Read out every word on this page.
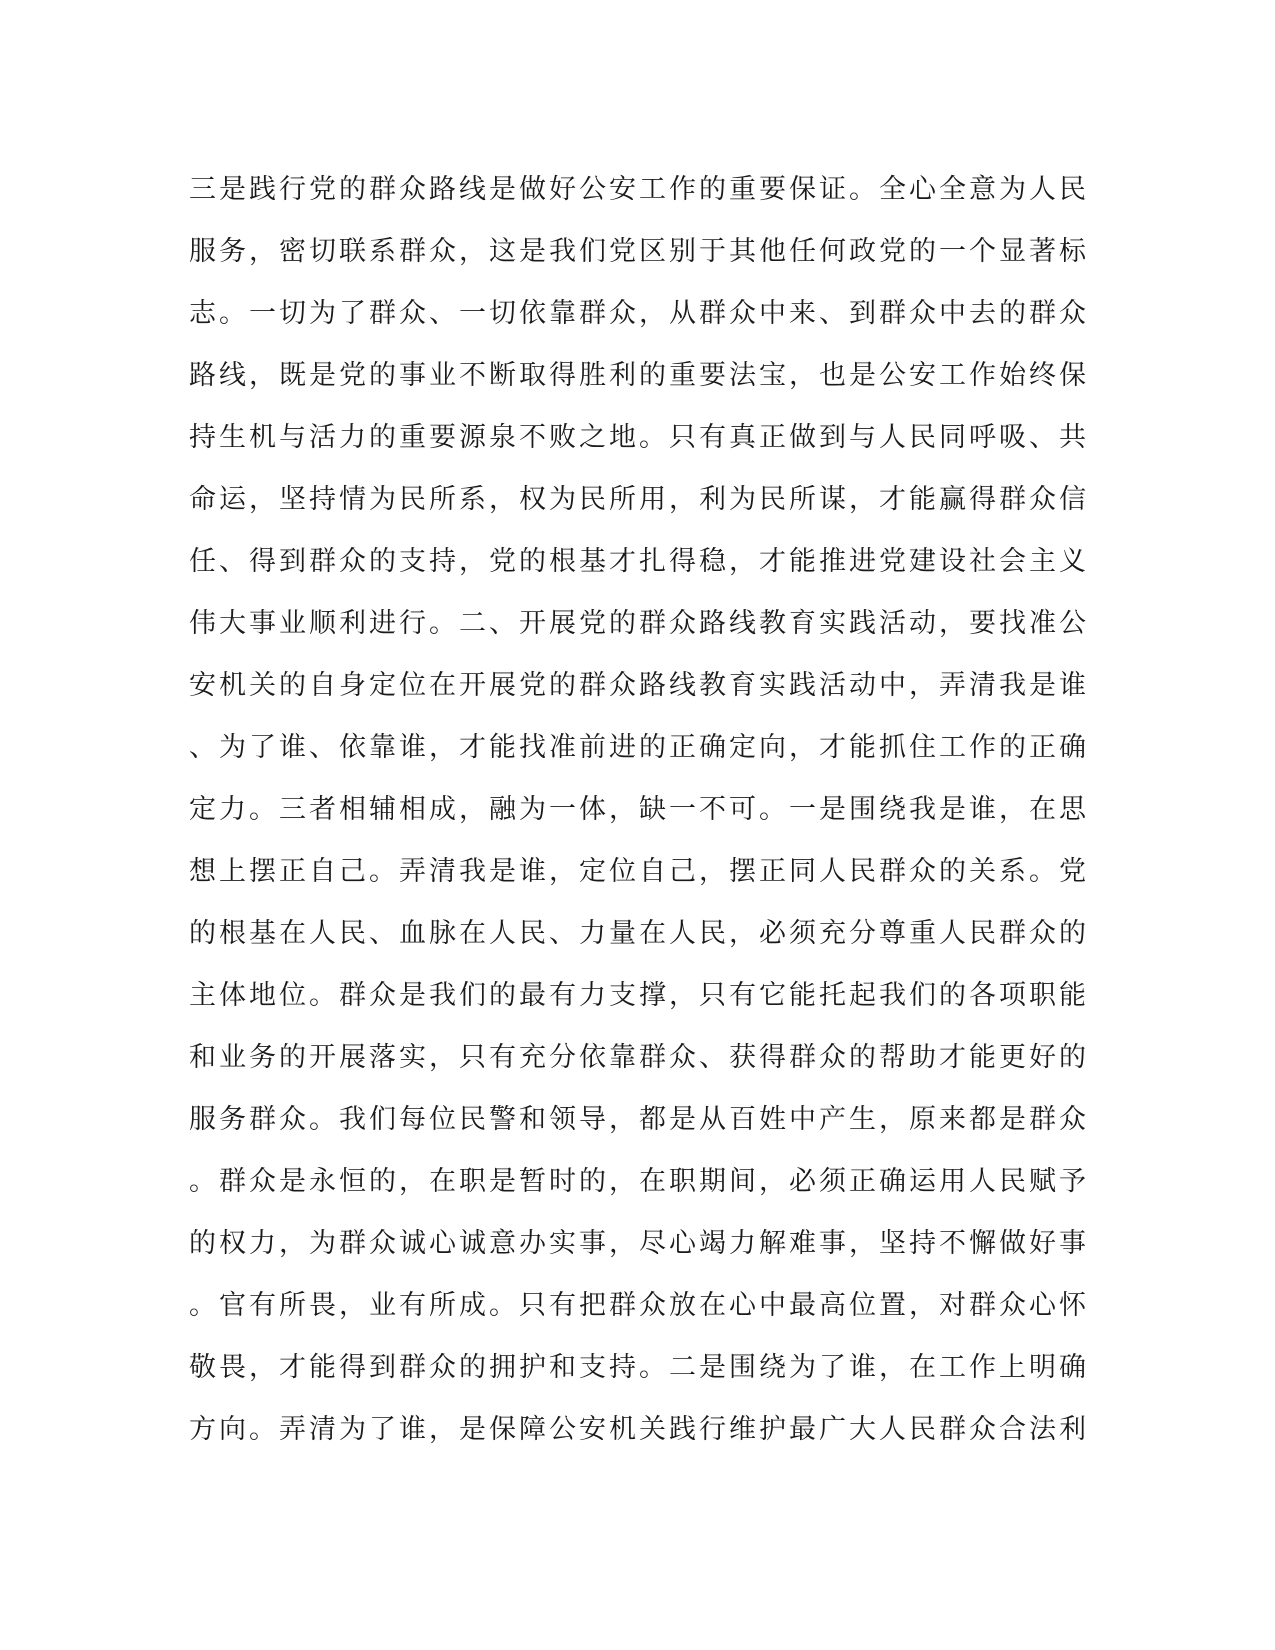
三是践行党的群众路线是做好公安工作的重要保证。全心全意为人民
服务，密切联系群众，这是我们党区别于其他任何政党的一个显著标
志。一切为了群众、一切依靠群众，从群众中来、到群众中去的群众
路线，既是党的事业不断取得胜利的重要法宝，也是公安工作始终保
持生机与活力的重要源泉不败之地。只有真正做到与人民同呼吸、共
命运，坚持情为民所系，权为民所用，利为民所谋，才能赢得群众信
任、得到群众的支持，党的根基才扎得稳，才能推进党建设社会主义
伟大事业顺利进行。二、开展党的群众路线教育实践活动，要找准公
安机关的自身定位在开展党的群众路线教育实践活动中，弄清我是谁
、为了谁、依靠谁，才能找准前进的正确定向，才能抓住工作的正确
定力。三者相辅相成，融为一体，缺一不可。一是围绕我是谁，在思
想上摆正自己。弄清我是谁，定位自己，摆正同人民群众的关系。党
的根基在人民、血脉在人民、力量在人民，必须充分尊重人民群众的
主体地位。群众是我们的最有力支撑，只有它能托起我们的各项职能
和业务的开展落实，只有充分依靠群众、获得群众的帮助才能更好的
服务群众。我们每位民警和领导，都是从百姓中产生，原来都是群众
。群众是永恒的，在职是暂时的，在职期间，必须正确运用人民赋予
的权力，为群众诚心诚意办实事，尽心竭力解难事，坚持不懈做好事
。官有所畏，业有所成。只有把群众放在心中最高位置，对群众心怀
敬畏，才能得到群众的拥护和支持。二是围绕为了谁，在工作上明确
方向。弄清为了谁，是保障公安机关践行维护最广大人民群众合法利
